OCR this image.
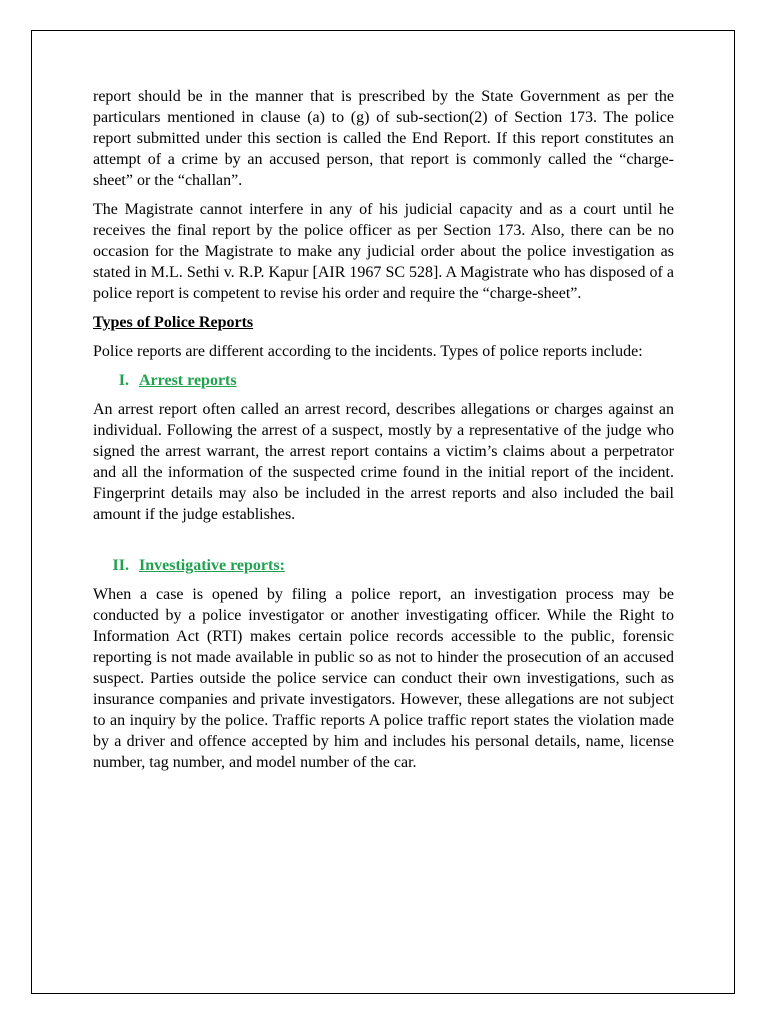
report should be in the manner that is prescribed by the State Government as per the particulars mentioned in clause (a) to (g) of sub-section(2) of Section 173. The police report submitted under this section is called the End Report. If this report constitutes an attempt of a crime by an accused person, that report is commonly called the “charge-sheet” or the “challan”.

The Magistrate cannot interfere in any of his judicial capacity and as a court until he receives the final report by the police officer as per Section 173. Also, there can be no occasion for the Magistrate to make any judicial order about the police investigation as stated in M.L. Sethi v. R.P. Kapur [AIR 1967 SC 528]. A Magistrate who has disposed of a police report is competent to revise his order and require the “charge-sheet”.

Types of Police Reports

Police reports are different according to the incidents. Types of police reports include:

I. Arrest reports

An arrest report often called an arrest record, describes allegations or charges against an individual. Following the arrest of a suspect, mostly by a representative of the judge who signed the arrest warrant, the arrest report contains a victim’s claims about a perpetrator and all the information of the suspected crime found in the initial report of the incident. Fingerprint details may also be included in the arrest reports and also included the bail amount if the judge establishes.

II. Investigative reports:

When a case is opened by filing a police report, an investigation process may be conducted by a police investigator or another investigating officer. While the Right to Information Act (RTI) makes certain police records accessible to the public, forensic reporting is not made available in public so as not to hinder the prosecution of an accused suspect. Parties outside the police service can conduct their own investigations, such as insurance companies and private investigators. However, these allegations are not subject to an inquiry by the police. Traffic reports A police traffic report states the violation made by a driver and offence accepted by him and includes his personal details, name, license number, tag number, and model number of the car.
